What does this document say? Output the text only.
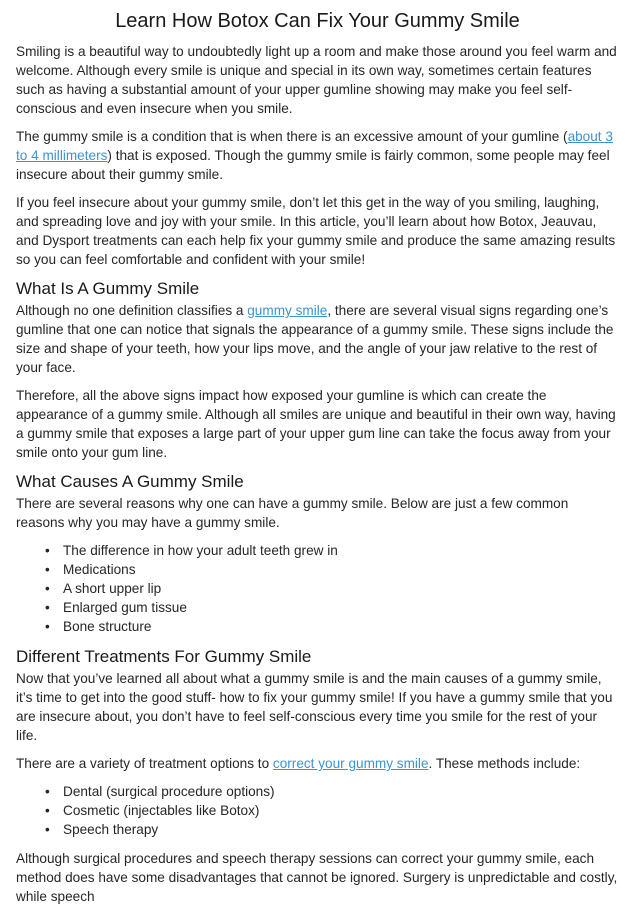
Learn How Botox Can Fix Your Gummy Smile

Smiling is a beautiful way to undoubtedly light up a room and make those around you feel warm and welcome. Although every smile is unique and special in its own way, sometimes certain features such as having a substantial amount of your upper gumline showing may make you feel self-conscious and even insecure when you smile.

The gummy smile is a condition that is when there is an excessive amount of your gumline (about 3 to 4 millimeters) that is exposed. Though the gummy smile is fairly common, some people may feel insecure about their gummy smile.

If you feel insecure about your gummy smile, don’t let this get in the way of you smiling, laughing, and spreading love and joy with your smile. In this article, you’ll learn about how Botox, Jeauvau, and Dysport treatments can each help fix your gummy smile and produce the same amazing results so you can feel comfortable and confident with your smile!

What Is A Gummy Smile

Although no one definition classifies a gummy smile, there are several visual signs regarding one’s gumline that one can notice that signals the appearance of a gummy smile. These signs include the size and shape of your teeth, how your lips move, and the angle of your jaw relative to the rest of your face.

Therefore, all the above signs impact how exposed your gumline is which can create the appearance of a gummy smile. Although all smiles are unique and beautiful in their own way, having a gummy smile that exposes a large part of your upper gum line can take the focus away from your smile onto your gum line.

What Causes A Gummy Smile

There are several reasons why one can have a gummy smile. Below are just a few common reasons why you may have a gummy smile.

• The difference in how your adult teeth grew in
• Medications
• A short upper lip
• Enlarged gum tissue
• Bone structure
Different Treatments For Gummy Smile

Now that you’ve learned all about what a gummy smile is and the main causes of a gummy smile, it’s time to get into the good stuff- how to fix your gummy smile! If you have a gummy smile that you are insecure about, you don’t have to feel self-conscious every time you smile for the rest of your life.

There are a variety of treatment options to correct your gummy smile. These methods include:

• Dental (surgical procedure options)
• Cosmetic (injectables like Botox)
• Speech therapy

Although surgical procedures and speech therapy sessions can correct your gummy smile, each method does have some disadvantages that cannot be ignored. Surgery is unpredictable and costly, while speech
